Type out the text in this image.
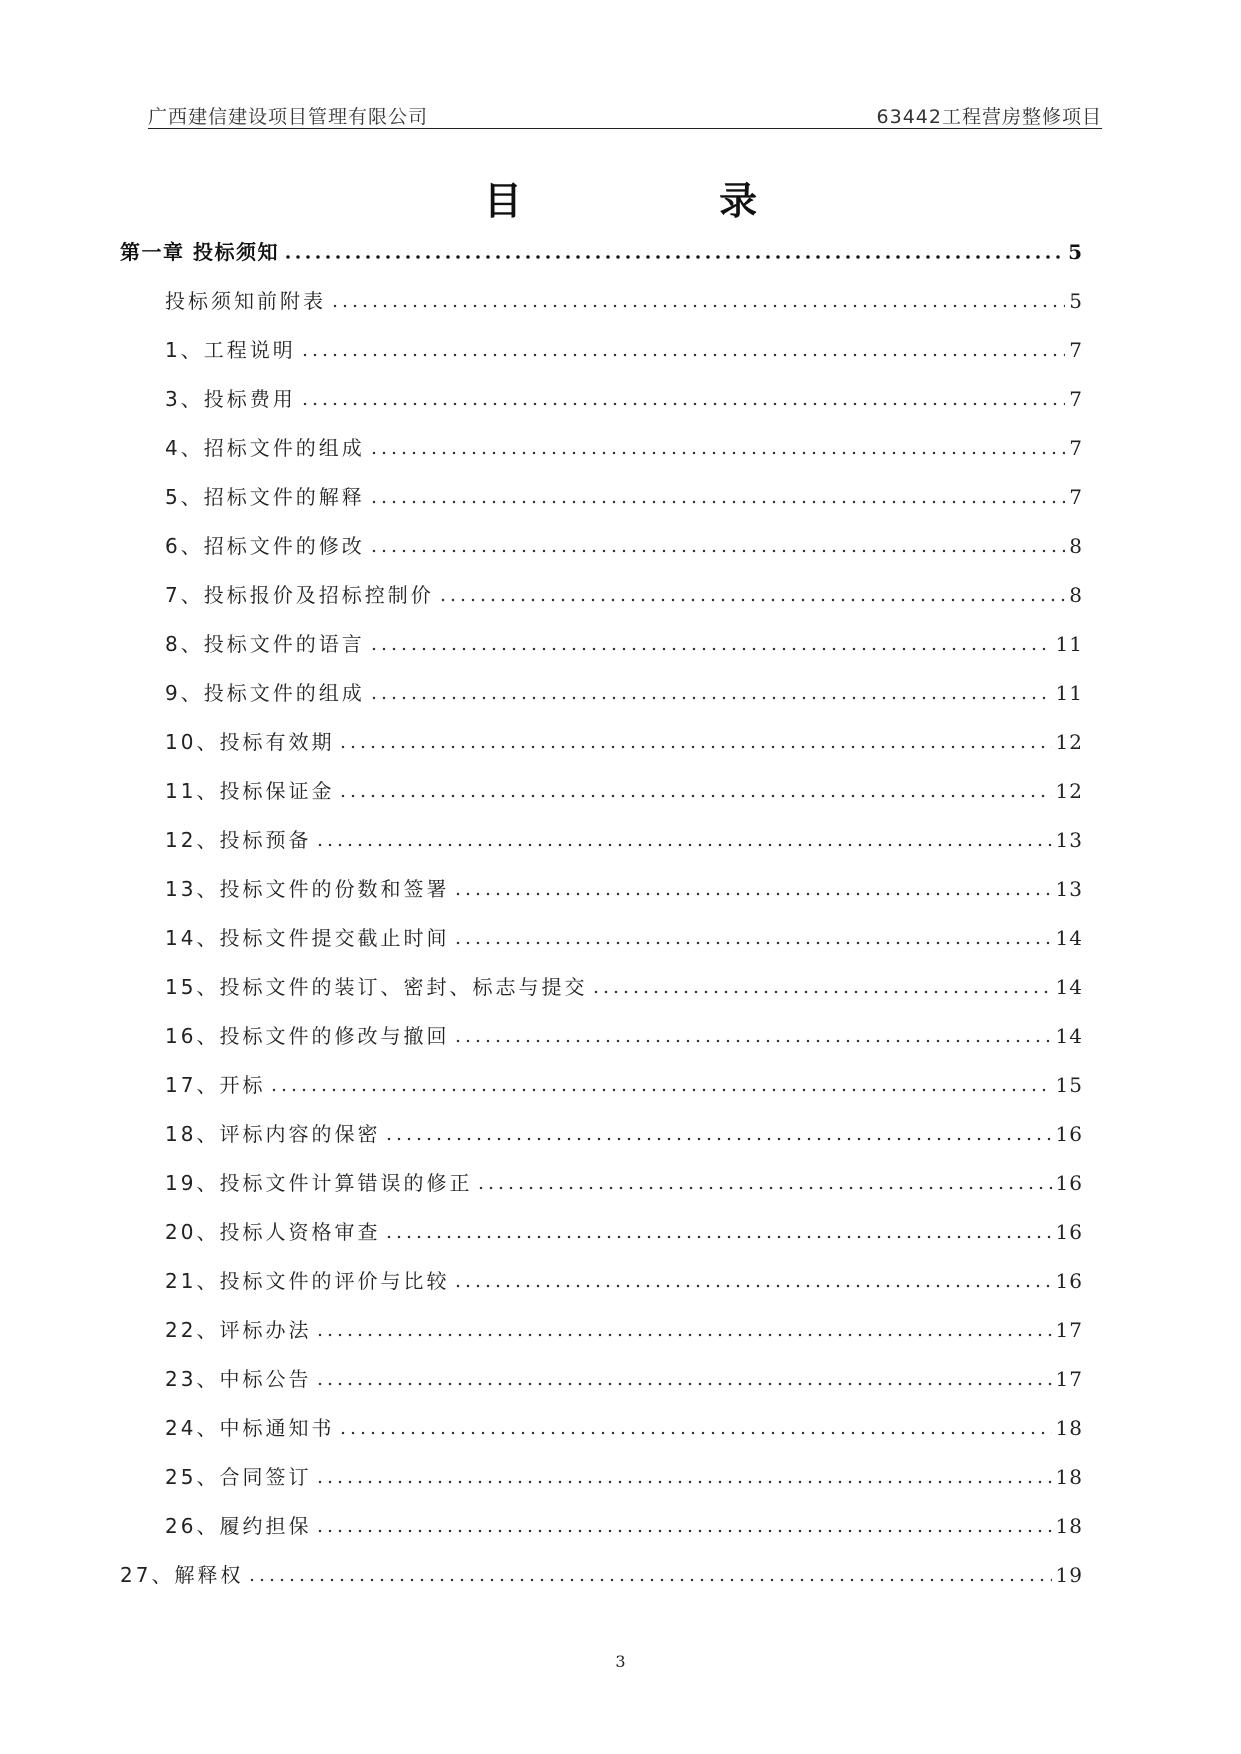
广西建信建设项目管理有限公司	63442工程营房整修项目
目 录
第一章 投标须知	5
投标须知前附表	5
1、工程说明	7
3、投标费用	7
4、招标文件的组成	7
5、招标文件的解释	7
6、招标文件的修改	8
7、投标报价及招标控制价	8
8、投标文件的语言	11
9、投标文件的组成	11
10、投标有效期	12
11、投标保证金	12
12、投标预备	13
13、投标文件的份数和签署	13
14、投标文件提交截止时间	14
15、投标文件的装订、密封、标志与提交	14
16、投标文件的修改与撤回	14
17、开标	15
18、评标内容的保密	16
19、投标文件计算错误的修正	16
20、投标人资格审查	16
21、投标文件的评价与比较	16
22、评标办法	17
23、中标公告	17
24、中标通知书	18
25、合同签订	18
26、履约担保	18
27、解释权	19
3
